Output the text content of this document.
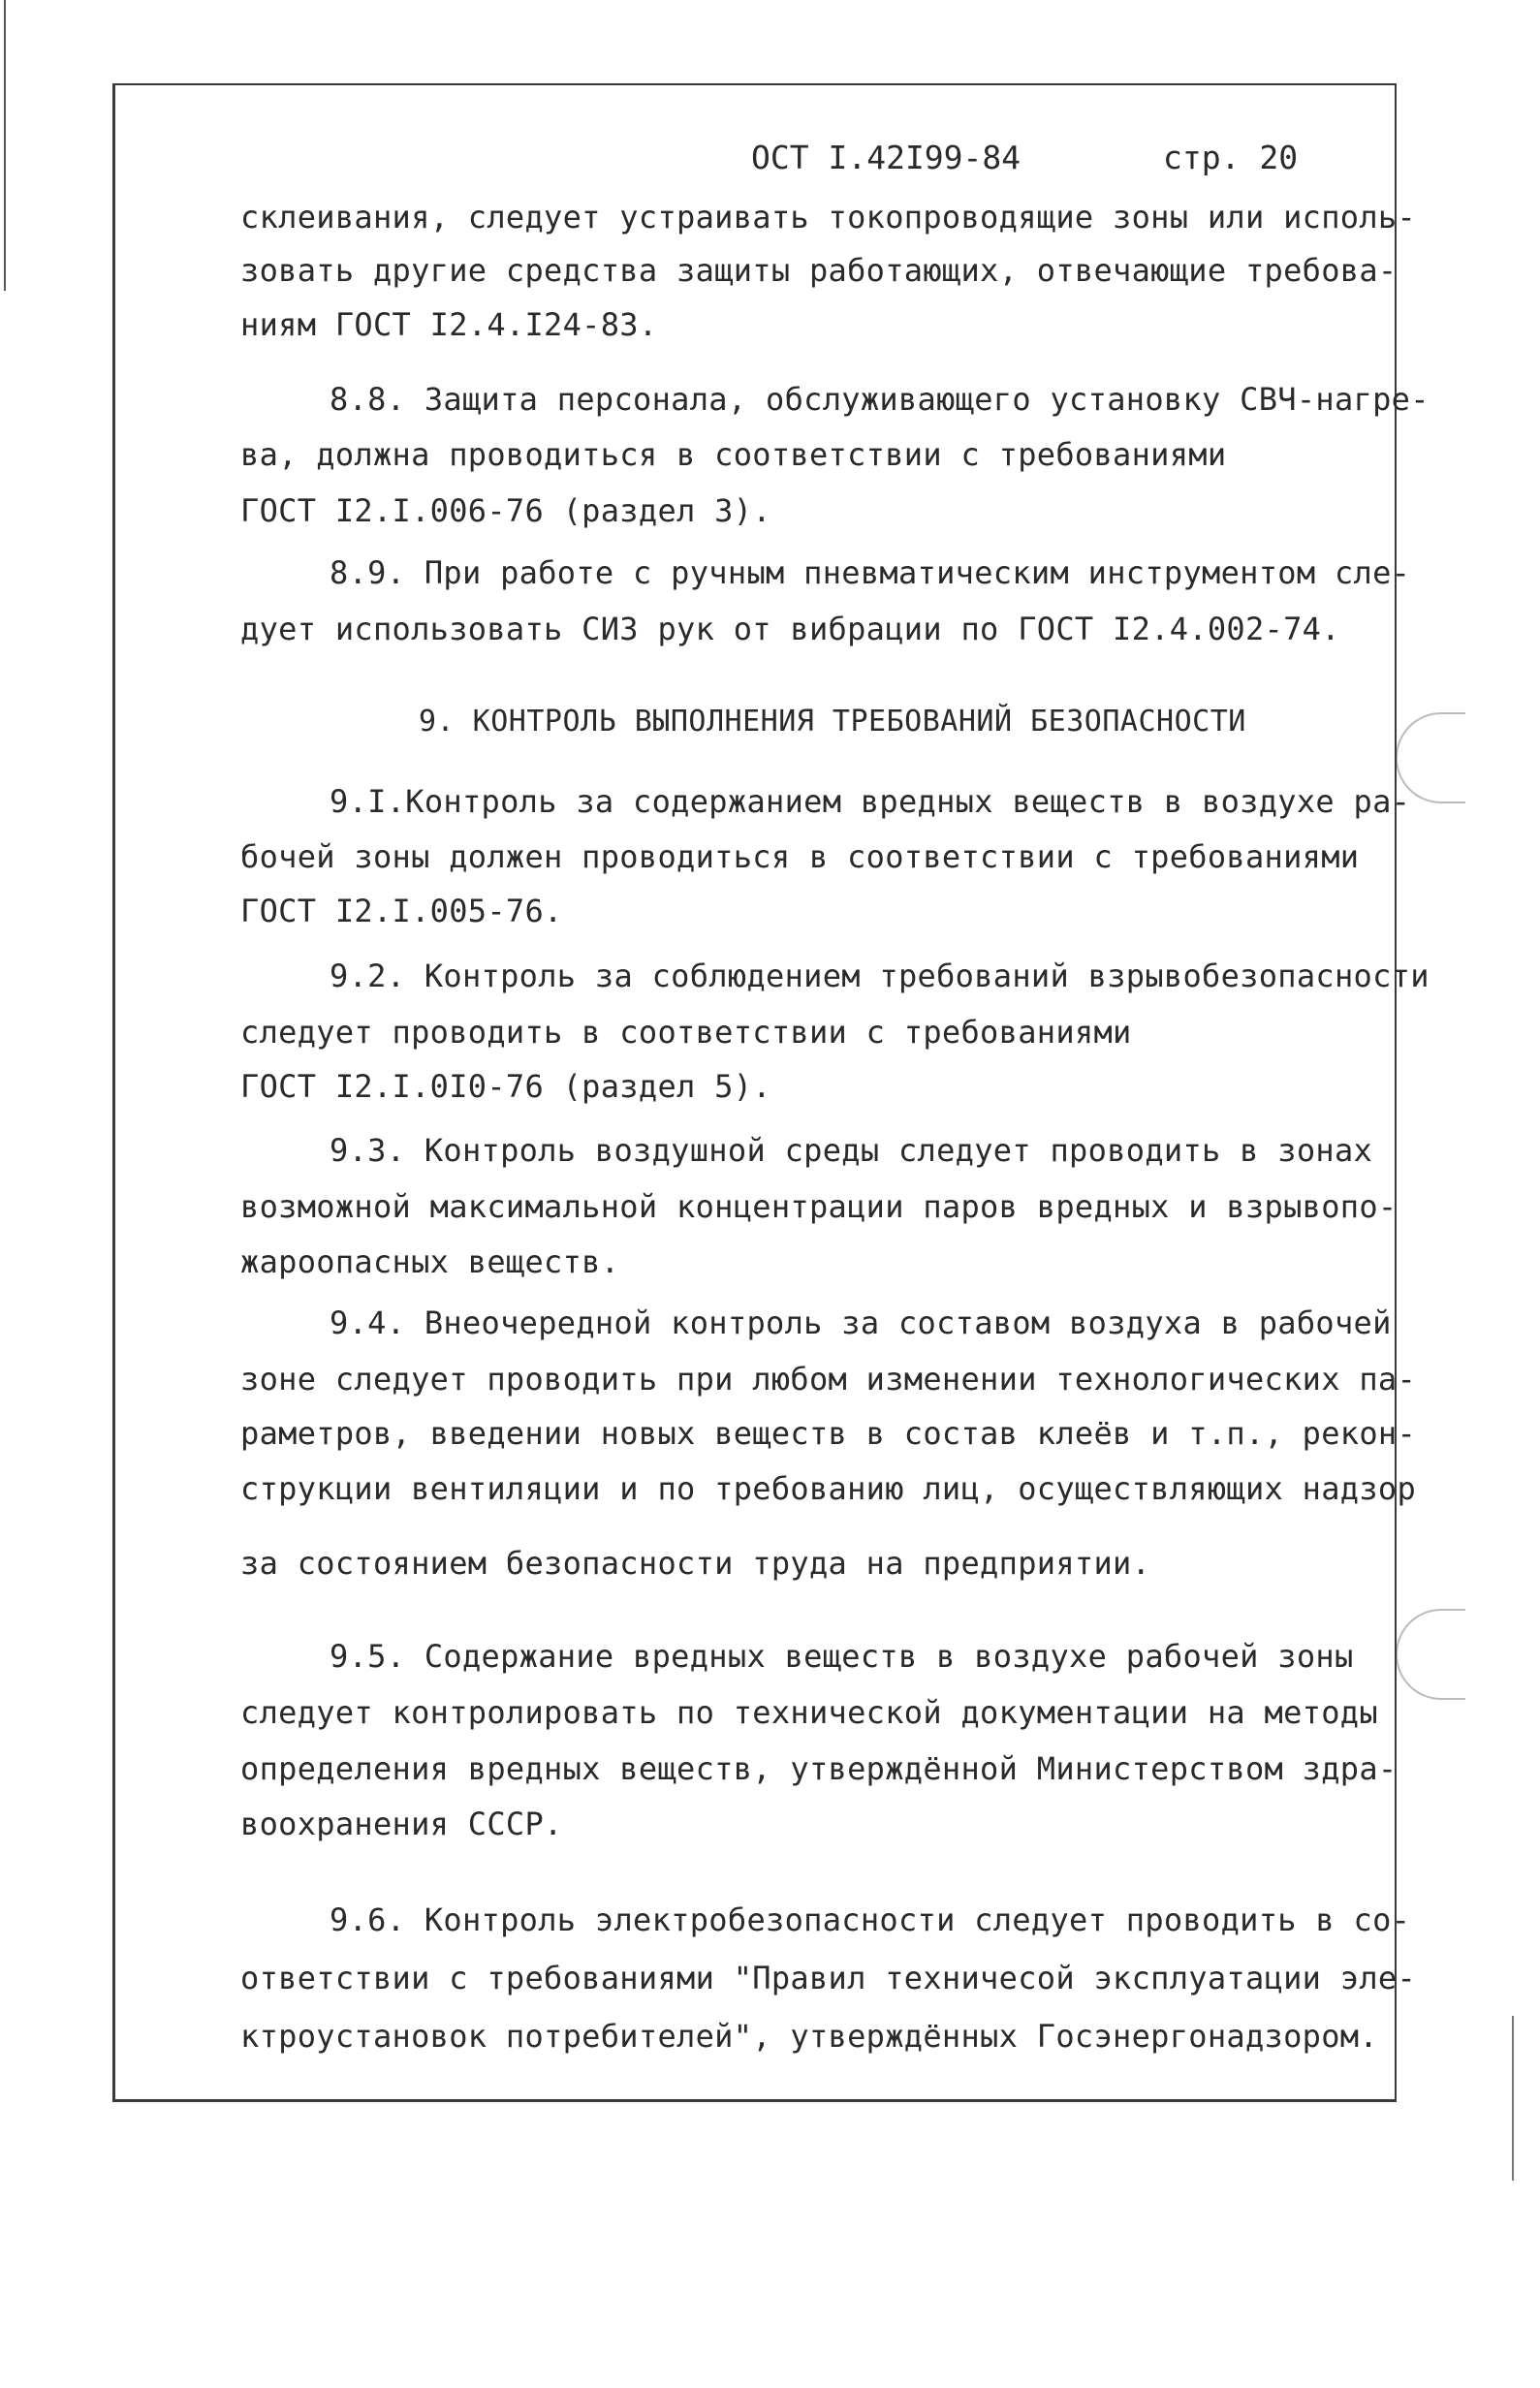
ОСТ I.42І99-84	стр. 20
склеивания, следует устраивать токопроводящие зоны или исполь-
зовать другие средства защиты работающих, отвечающие требова-
ниям ГОСТ I2.4.I24-83.
8.8. Защита персонала, обслуживающего установку СВЧ-нагре-
ва, должна проводиться в соответствии с требованиями
ГОСТ I2.I.006-76 (раздел 3).
8.9. При работе с ручным пневматическим инструментом сле-
дует использовать СИЗ рук от вибрации по ГОСТ I2.4.002-74.
9. КОНТРОЛЬ ВЫПОЛНЕНИЯ ТРЕБОВАНИЙ БЕЗОПАСНОСТИ
9.I.Контроль за содержанием вредных веществ в воздухе ра-
бочей зоны должен проводиться в соответствии с требованиями
ГОСТ I2.I.005-76.
9.2. Контроль за соблюдением требований взрывобезопасности
следует проводить в соответствии с требованиями
ГОСТ I2.I.0I0-76 (раздел 5).
9.3. Контроль воздушной среды следует проводить в зонах
возможной максимальной концентрации паров вредных и взрывопо-
жароопасных веществ.
9.4. Внеочередной контроль за составом воздуха в рабочей
зоне следует проводить при любом изменении технологических па-
раметров, введении новых веществ в состав клеёв и т.п., рекон-
струкции вентиляции и по требованию лиц, осуществляющих надзор
за состоянием безопасности труда на предприятии.
9.5. Содержание вредных веществ в воздухе рабочей зоны
следует контролировать по технической документации на методы
определения вредных веществ, утверждённой Министерством здра-
воохранения СССР.
9.6. Контроль электробезопасности следует проводить в со-
ответствии с требованиями "Правил техничесой эксплуатации эле-
ктроустановок потребителей", утверждённых Госэнергонадзором.
